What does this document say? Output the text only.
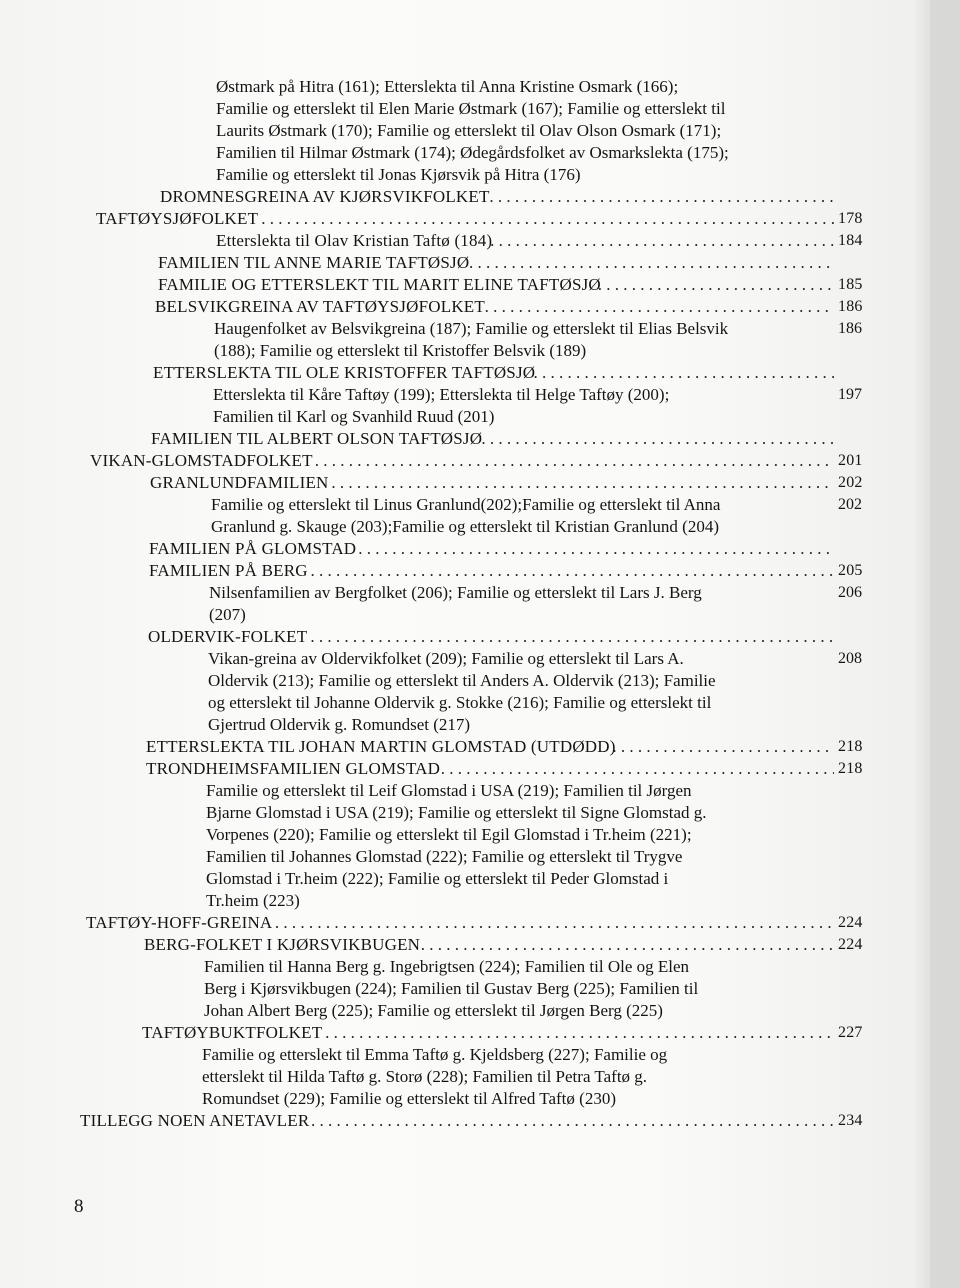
Østmark på Hitra (161); Etterslekta til Anna Kristine Osmark (166);
Familie og etterslekt til Elen Marie Østmark (167); Familie og etterslekt til
Laurits Østmark (170); Familie og etterslekt til Olav Olson Osmark (171);
Familien til Hilmar Østmark (174); Ødegårdsfolket av Osmarkslekta (175);
Familie og etterslekt til Jonas Kjørsvik på Hitra (176)
DROMNESGREINA AV KJØRSVIKFOLKET
. . .
TAFTØYSJØFOLKET . . .	178
Etterslekta til Olav Kristian Taftø (184) . . .	184
FAMILIEN TIL ANNE MARIE TAFTØSJØ
. . .
FAMILIE OG ETTERSLEKT TIL MARIT ELINE TAFTØSJØ . . .	185
BELSVIKGREINA AV TAFTØYSJØFOLKET . . .	186
Haugenfolket av Belsvikgreina (187); Familie og etterslekt til Elias Belsvik	186
(188); Familie og etterslekt til Kristoffer Belsvik (189)
ETTERSLEKTA TIL OLE KRISTOFFER TAFTØSJØ
. . .
Etterslekta til Kåre Taftøy (199); Etterslekta til Helge Taftøy (200);	197
Familien til Karl og Svanhild Ruud (201)
FAMILIEN TIL ALBERT OLSON TAFTØSJØ
. . .
VIKAN-GLOMSTADFOLKET . . .	201
GRANLUNDFAMILIEN . . .	202
Familie og etterslekt til Linus Granlund(202);Familie og etterslekt til Anna	202
Granlund g. Skauge (203);Familie og etterslekt til Kristian Granlund (204)
FAMILIEN PÅ GLOMSTAD
. . .
FAMILIEN PÅ BERG . . .	205
Nilsenfamilien av Bergfolket (206); Familie og etterslekt til Lars J. Berg	206
(207)
OLDERVIK-FOLKET
. . .
Vikan-greina av Oldervikfolket (209); Familie og etterslekt til Lars A.	208
Oldervik (213); Familie og etterslekt til Anders A. Oldervik (213); Familie
og etterslekt til Johanne Oldervik g. Stokke (216); Familie og etterslekt til
Gjertrud Oldervik g. Romundset (217)
ETTERSLEKTA TIL JOHAN MARTIN GLOMSTAD (UTDØDD) . . .	218
TRONDHEIMSFAMILIEN GLOMSTAD . . .	218
Familie og etterslekt til Leif Glomstad i USA (219); Familien til Jørgen
Bjarne Glomstad i USA (219); Familie og etterslekt til Signe Glomstad g.
Vorpenes (220); Familie og etterslekt til Egil Glomstad i Tr.heim (221);
Familien til Johannes Glomstad (222); Familie og etterslekt til Trygve
Glomstad i Tr.heim (222); Familie og etterslekt til Peder Glomstad i
Tr.heim (223)
TAFTØY-HOFF-GREINA . . .	224
BERG-FOLKET I KJØRSVIKBUGEN . . .	224
Familien til Hanna Berg g. Ingebrigtsen (224); Familien til Ole og Elen
Berg i Kjørsvikbugen (224); Familien til Gustav Berg (225); Familien til
Johan Albert Berg (225); Familie og etterslekt til Jørgen Berg (225)
TAFTØYBUKTFOLKET . . .	227
Familie og etterslekt til Emma Taftø g. Kjeldsberg (227); Familie og
etterslekt til Hilda Taftø g. Storø (228); Familien til Petra Taftø g.
Romundset (229); Familie og etterslekt til Alfred Taftø (230)
TILLEGG NOEN ANETAVLER . . .	234
8
